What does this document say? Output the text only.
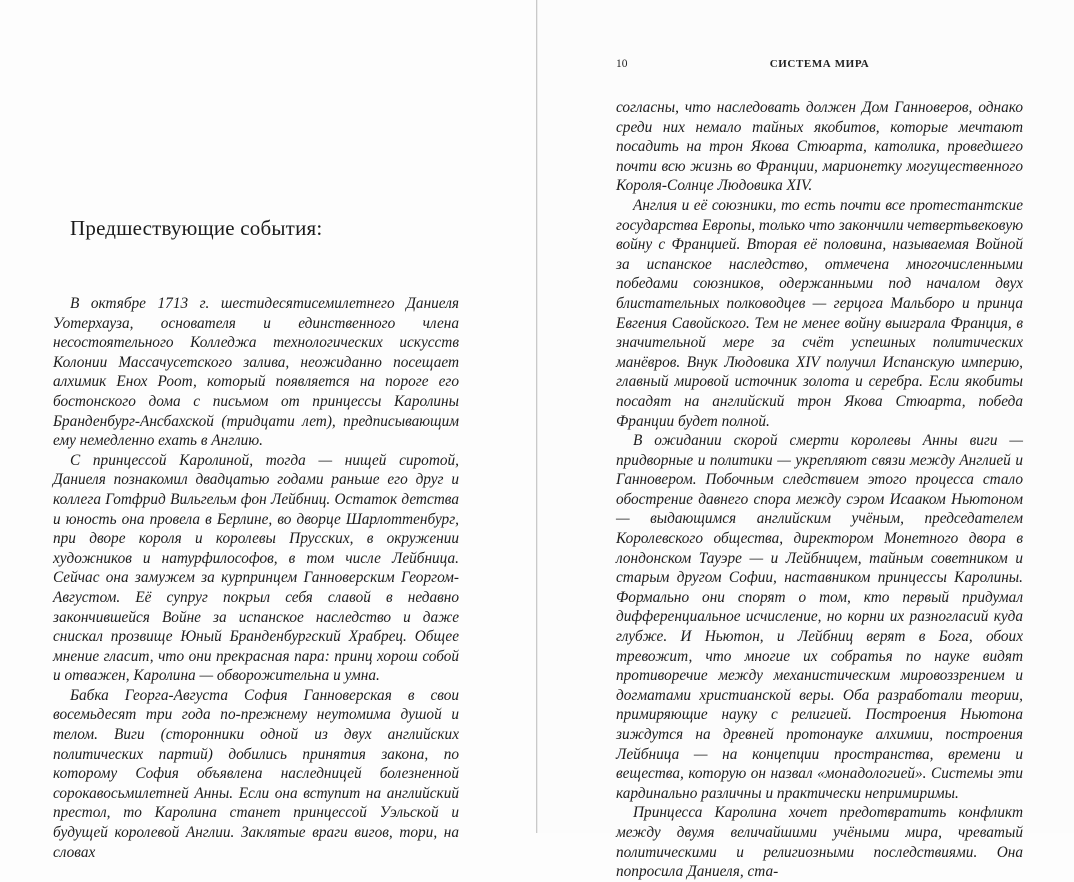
Предшествующие события:

В октябре 1713 г. шестидесятисемилетнего Даниеля Уотерхауза, основателя и единственного члена несостоятельного Колледжа технологических искусств Колонии Массачусетского залива, неожиданно посещает алхимик Енох Роот, который появляется на пороге его бостонского дома с письмом от принцессы Каролины Бранденбург-Ансбахской (тридцати лет), предписывающим ему немедленно ехать в Англию.

С принцессой Каролиной, тогда — нищей сиротой, Даниеля познакомил двадцатью годами раньше его друг и коллега Готфрид Вильгельм фон Лейбниц. Остаток детства и юность она провела в Берлине, во дворце Шарлоттенбург, при дворе короля и королевы Прусских, в окружении художников и натурфилософов, в том числе Лейбница. Сейчас она замужем за курпринцем Ганноверским Георгом-Августом. Её супруг покрыл себя славой в недавно закончившейся Войне за испанское наследство и даже снискал прозвище Юный Бранденбургский Храбрец. Общее мнение гласит, что они прекрасная пара: принц хорош собой и отважен, Каролина — обворожительна и умна.

Бабка Георга-Августа София Ганноверская в свои восемьдесят три года по-прежнему неутомима душой и телом. Виги (сторонники одной из двух английских политических партий) добились принятия закона, по которому София объявлена наследницей болезненной сорокавосьмилетней Анны. Если она вступит на английский престол, то Каролина станет принцессой Уэльской и будущей королевой Англии. Заклятые враги вигов, тори, на словах

10	СИСТЕМА МИРА

согласны, что наследовать должен Дом Ганноверов, однако среди них немало тайных якобитов, которые мечтают посадить на трон Якова Стюарта, католика, проведшего почти всю жизнь во Франции, марионетку могущественного Короля-Солнце Людовика XIV.

Англия и её союзники, то есть почти все протестантские государства Европы, только что закончили четвертьвековую войну с Францией. Вторая её половина, называемая Войной за испанское наследство, отмечена многочисленными победами союзников, одержанными под началом двух блистательных полководцев — герцога Мальборо и принца Евгения Савойского. Тем не менее войну выиграла Франция, в значительной мере за счёт успешных политических манёвров. Внук Людовика XIV получил Испанскую империю, главный мировой источник золота и серебра. Если якобиты посадят на английский трон Якова Стюарта, победа Франции будет полной.

В ожидании скорой смерти королевы Анны виги — придворные и политики — укрепляют связи между Англией и Ганновером. Побочным следствием этого процесса стало обострение давнего спора между сэром Исааком Ньютоном — выдающимся английским учёным, председателем Королевского общества, директором Монетного двора в лондонском Тауэре — и Лейбницем, тайным советником и старым другом Софии, наставником принцессы Каролины. Формально они спорят о том, кто первый придумал дифференциальное исчисление, но корни их разногласий куда глубже. И Ньютон, и Лейбниц верят в Бога, обоих тревожит, что многие их собратья по науке видят противоречие между механистическим мировоззрением и догматами христианской веры. Оба разработали теории, примиряющие науку с религией. Построения Ньютона зиждутся на древней протонауке алхимии, построения Лейбница — на концепции пространства, времени и вещества, которую он назвал «монадологией». Системы эти кардинально различны и практически непримиримы.

Принцесса Каролина хочет предотвратить конфликт между двумя величайшими учёными мира, чреватый политическими и религиозными последствиями. Она попросила Даниеля, ста-
